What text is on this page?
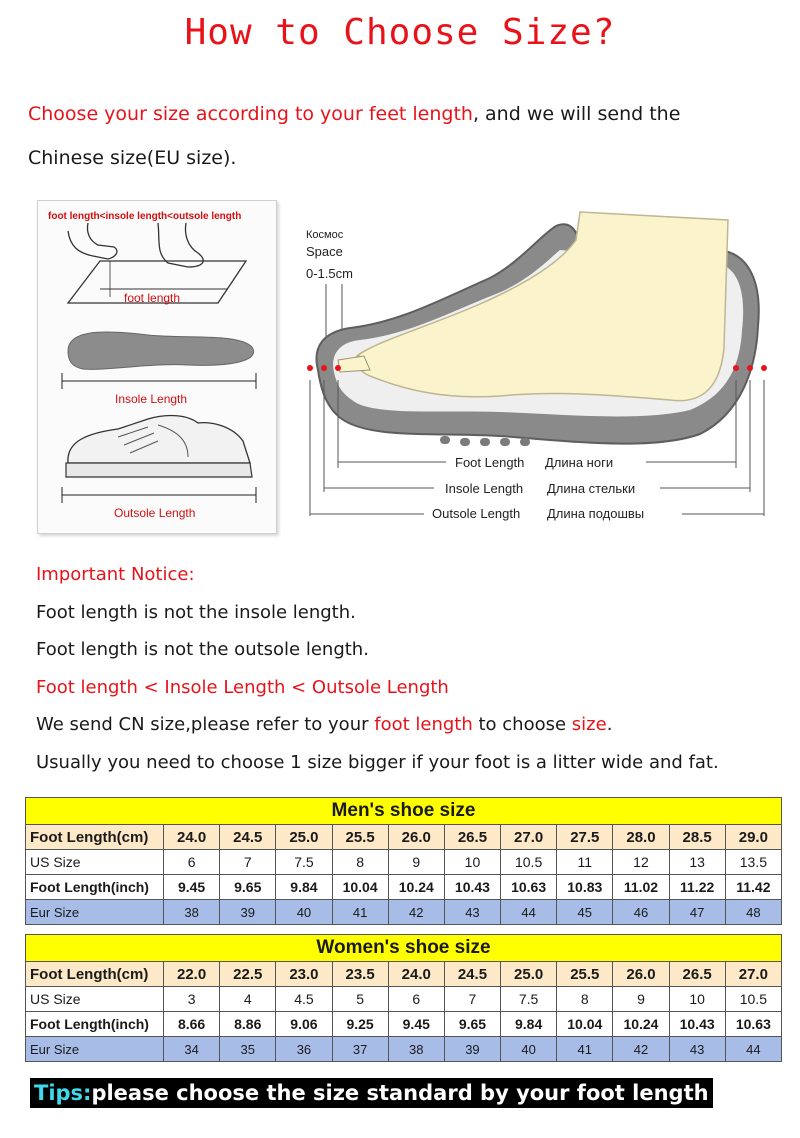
How to Choose Size?
Choose your size according to your feet length, and we will send the
Chinese size(EU size).
foot length<insole length<outsole length
foot length
Insole Length
Outsole Length
Космос
Space
0-1.5cm
Foot Length Длина ноги
Insole Length Длина стельки
Outsole Length Длина подошвы
Important Notice:
Foot length is not the insole length.
Foot length is not the outsole length.
Foot length < Insole Length < Outsole Length
We send CN size,please refer to your foot length to choose size.
Usually you need to choose 1 size bigger if your foot is a litter wide and fat.
Men's shoe size											
Foot Length(cm)	24.0	24.5	25.0	25.5	26.0	26.5	27.0	27.5	28.0	28.5	29.0
US Size	6	7	7.5	8	9	10	10.5	11	12	13	13.5
Foot Length(inch)	9.45	9.65	9.84	10.04	10.24	10.43	10.63	10.83	11.02	11.22	11.42
Eur Size	38	39	40	41	42	43	44	45	46	47	48
Women's shoe size											
Foot Length(cm)	22.0	22.5	23.0	23.5	24.0	24.5	25.0	25.5	26.0	26.5	27.0
US Size	3	4	4.5	5	6	7	7.5	8	9	10	10.5
Foot Length(inch)	8.66	8.86	9.06	9.25	9.45	9.65	9.84	10.04	10.24	10.43	10.63
Eur Size	34	35	36	37	38	39	40	41	42	43	44
Tips:please choose the size standard by your foot length
